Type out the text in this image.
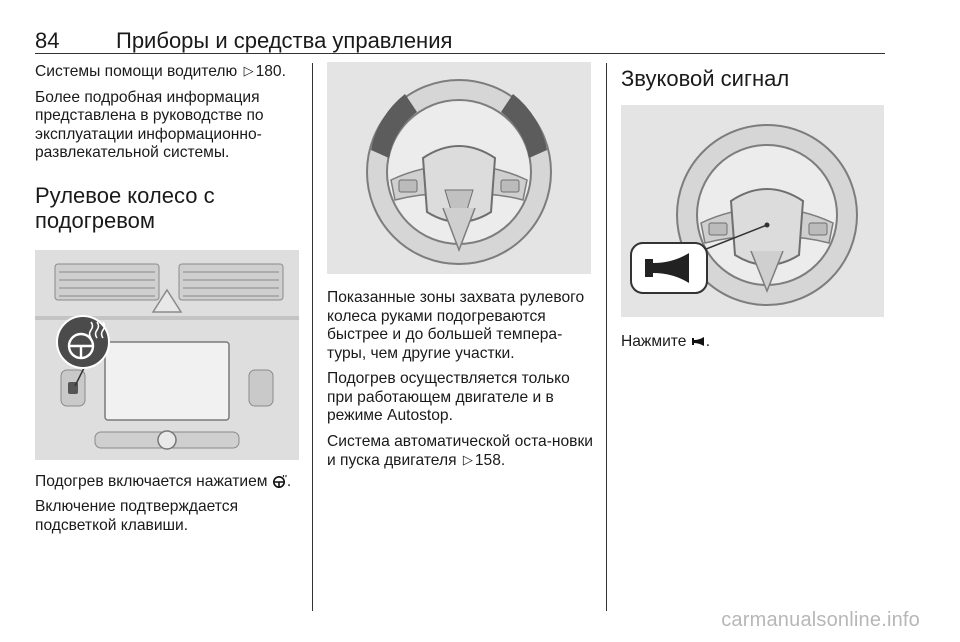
84	Приборы и средства управления

Системы помощи водителю ▷ 180.

Более подробная информация представлена в руководстве по эксплуатации информационно-развлекательной системы.

Рулевое колесо с
подогревом

Подогрев включается нажатием .

Включение подтверждается подсветкой клавиши.

Показанные зоны захвата рулевого колеса руками подогреваются быстрее и до большей темпера-туры, чем другие участки.

Подогрев осуществляется только при работающем двигателе и в режиме Autostop.

Система автоматической оста-новки и пуска двигателя ▷ 158.

Звуковой сигнал

Нажмите .

carmanualsonline.info
